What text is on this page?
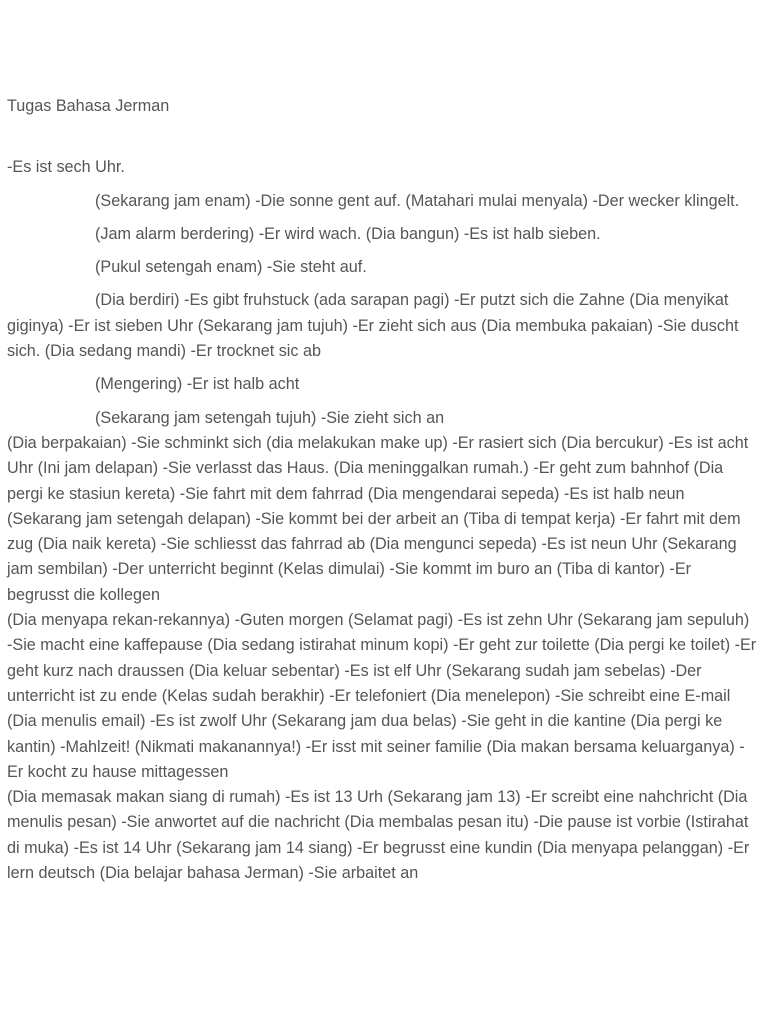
Tugas Bahasa Jerman

-Es ist sech Uhr.

(Sekarang jam enam) -Die sonne gent auf. (Matahari mulai menyala) -Der wecker klingelt.

(Jam alarm berdering) -Er wird wach. (Dia bangun) -Es ist halb sieben.

(Pukul setengah enam) -Sie steht auf.

(Dia berdiri) -Es gibt fruhstuck (ada sarapan pagi) -Er putzt sich die Zahne (Dia menyikat giginya) -Er ist sieben Uhr (Sekarang jam tujuh) -Er zieht sich aus (Dia membuka pakaian) -Sie duscht sich. (Dia sedang mandi) -Er trocknet sic ab

(Mengering) -Er ist halb acht

(Sekarang jam setengah tujuh) -Sie zieht sich an

(Dia berpakaian) -Sie schminkt sich (dia melakukan make up) -Er rasiert sich (Dia bercukur) -Es ist acht Uhr (Ini jam delapan) -Sie verlasst das Haus. (Dia meninggalkan rumah.) -Er geht zum bahnhof (Dia pergi ke stasiun kereta) -Sie fahrt mit dem fahrrad (Dia mengendarai sepeda) -Es ist halb neun (Sekarang jam setengah delapan) -Sie kommt bei der arbeit an (Tiba di tempat kerja) -Er fahrt mit dem zug (Dia naik kereta) -Sie schliesst das fahrrad ab (Dia mengunci sepeda) -Es ist neun Uhr (Sekarang jam sembilan) -Der unterricht beginnt (Kelas dimulai) -Sie kommt im buro an (Tiba di kantor) -Er begrusst die kollegen

(Dia menyapa rekan-rekannya) -Guten morgen (Selamat pagi) -Es ist zehn Uhr (Sekarang jam sepuluh) -Sie macht eine kaffepause (Dia sedang istirahat minum kopi) -Er geht zur toilette (Dia pergi ke toilet) -Er geht kurz nach draussen (Dia keluar sebentar) -Es ist elf Uhr (Sekarang sudah jam sebelas) -Der unterricht ist zu ende (Kelas sudah berakhir) -Er telefoniert (Dia menelepon) -Sie schreibt eine E-mail (Dia menulis email) -Es ist zwolf Uhr (Sekarang jam dua belas) -Sie geht in die kantine (Dia pergi ke kantin) -Mahlzeit! (Nikmati makanannya!) -Er isst mit seiner familie (Dia makan bersama keluarganya) -Er kocht zu hause mittagessen

(Dia memasak makan siang di rumah) -Es ist 13 Urh (Sekarang jam 13) -Er screibt eine nahchricht (Dia menulis pesan) -Sie anwortet auf die nachricht (Dia membalas pesan itu) -Die pause ist vorbie (Istirahat di muka) -Es ist 14 Uhr (Sekarang jam 14 siang) -Er begrusst eine kundin (Dia menyapa pelanggan) -Er lern deutsch (Dia belajar bahasa Jerman) -Sie arbaitet an
